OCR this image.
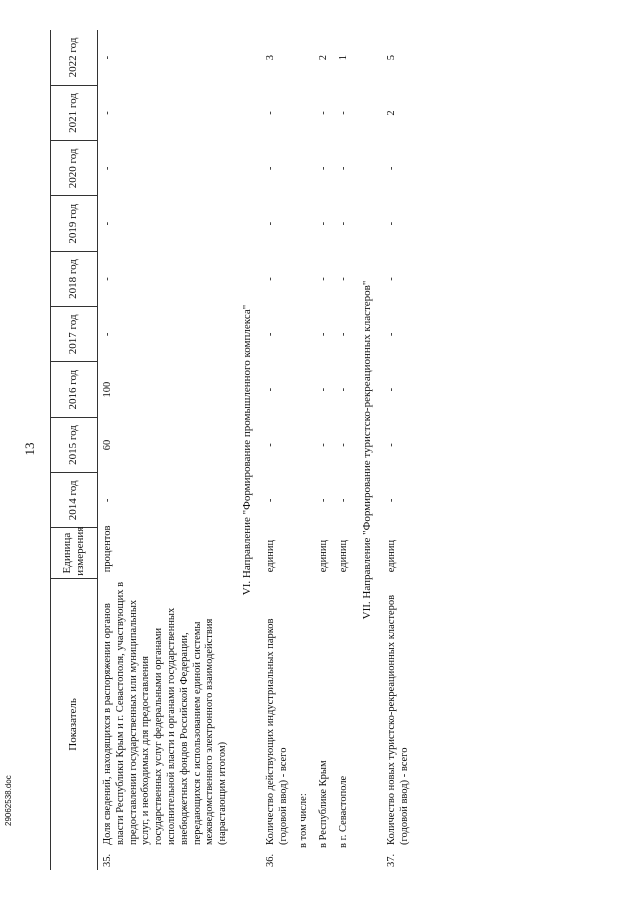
13
Показатель	Единица измерения	2014 год	2015 год	2016 год	2017 год	2018 год	2019 год	2020 год	2021 год	2022 год

35.
Доля сведений, находящихся в распоряжении органов власти Республики Крым и г. Севастополя, участвующих в предоставлении государственных или муниципальных услуг, и необходимых для предоставления государственных услуг федеральными органами исполнительной власти и органами государственных внебюджетных фондов Российской Федерации, передающихся с использованием единой системы межведомственного электронного взаимодействия (нарастающим итогом)	процентов	-	60	100	-	-	-	-	-	-
VI. Направление "Формирование промышленного комплекса"										

36.
Количество действующих индустриальных парков (годовой ввод) - всего	единиц	-	-	-	-	-	-	-	-	3
в том числе:										
в Республике Крым	единиц	-	-	-	-	-	-	-	-	2
в г. Севастополе	единиц	-	-	-	-	-	-	-	-	1
VII. Направление "Формирование туристско-рекреационных кластеров"										

37.
Количество новых туристско-рекреационных кластеров (годовой ввод) - всего	единиц	-	-	-	-	-	-	-	2	5
29062538.doc
